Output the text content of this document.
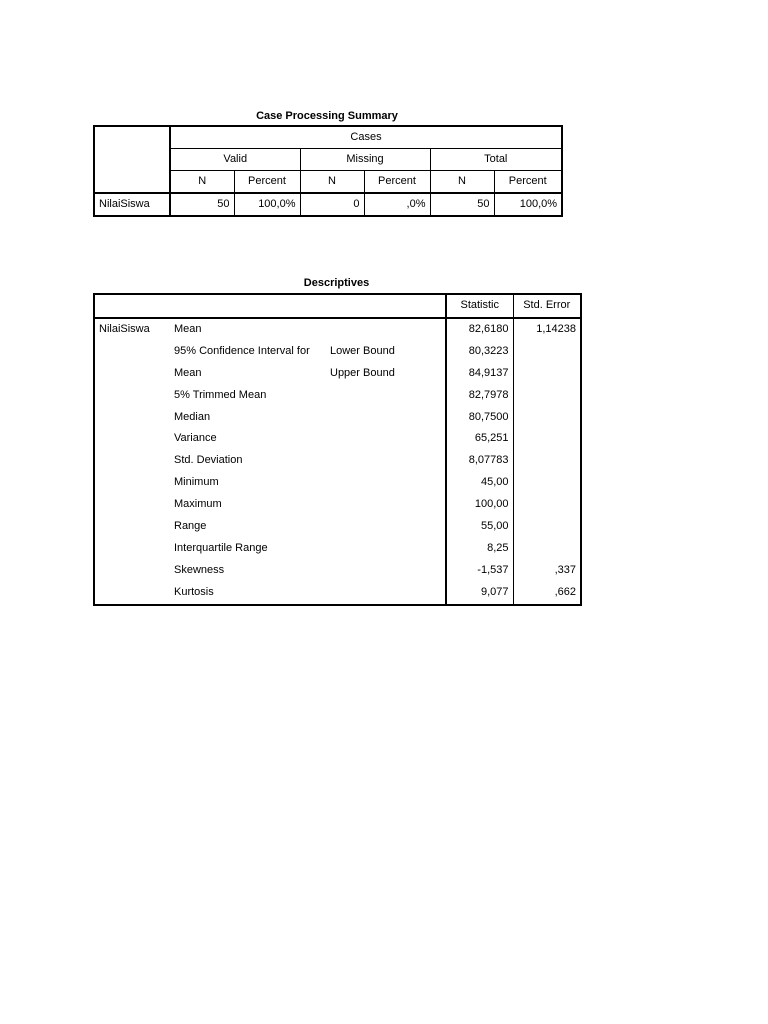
Case Processing Summary
	Cases					
	Valid		Missing		Total	
	N	Percent	N	Percent	N	Percent
NilaiSiswa	50	100,0%	0	,0%	50	100,0%
Descriptives
			Statistic	Std. Error
NilaiSiswa	Mean		82,6180	1,14238
	95% Confidence Interval for	Lower Bound	80,3223	
	Mean	Upper Bound	84,9137	
	5% Trimmed Mean		82,7978	
	Median		80,7500	
	Variance		65,251	
	Std. Deviation		8,07783	
	Minimum		45,00	
	Maximum		100,00	
	Range		55,00	
	Interquartile Range		8,25	
	Skewness		-1,537	,337
	Kurtosis		9,077	,662
